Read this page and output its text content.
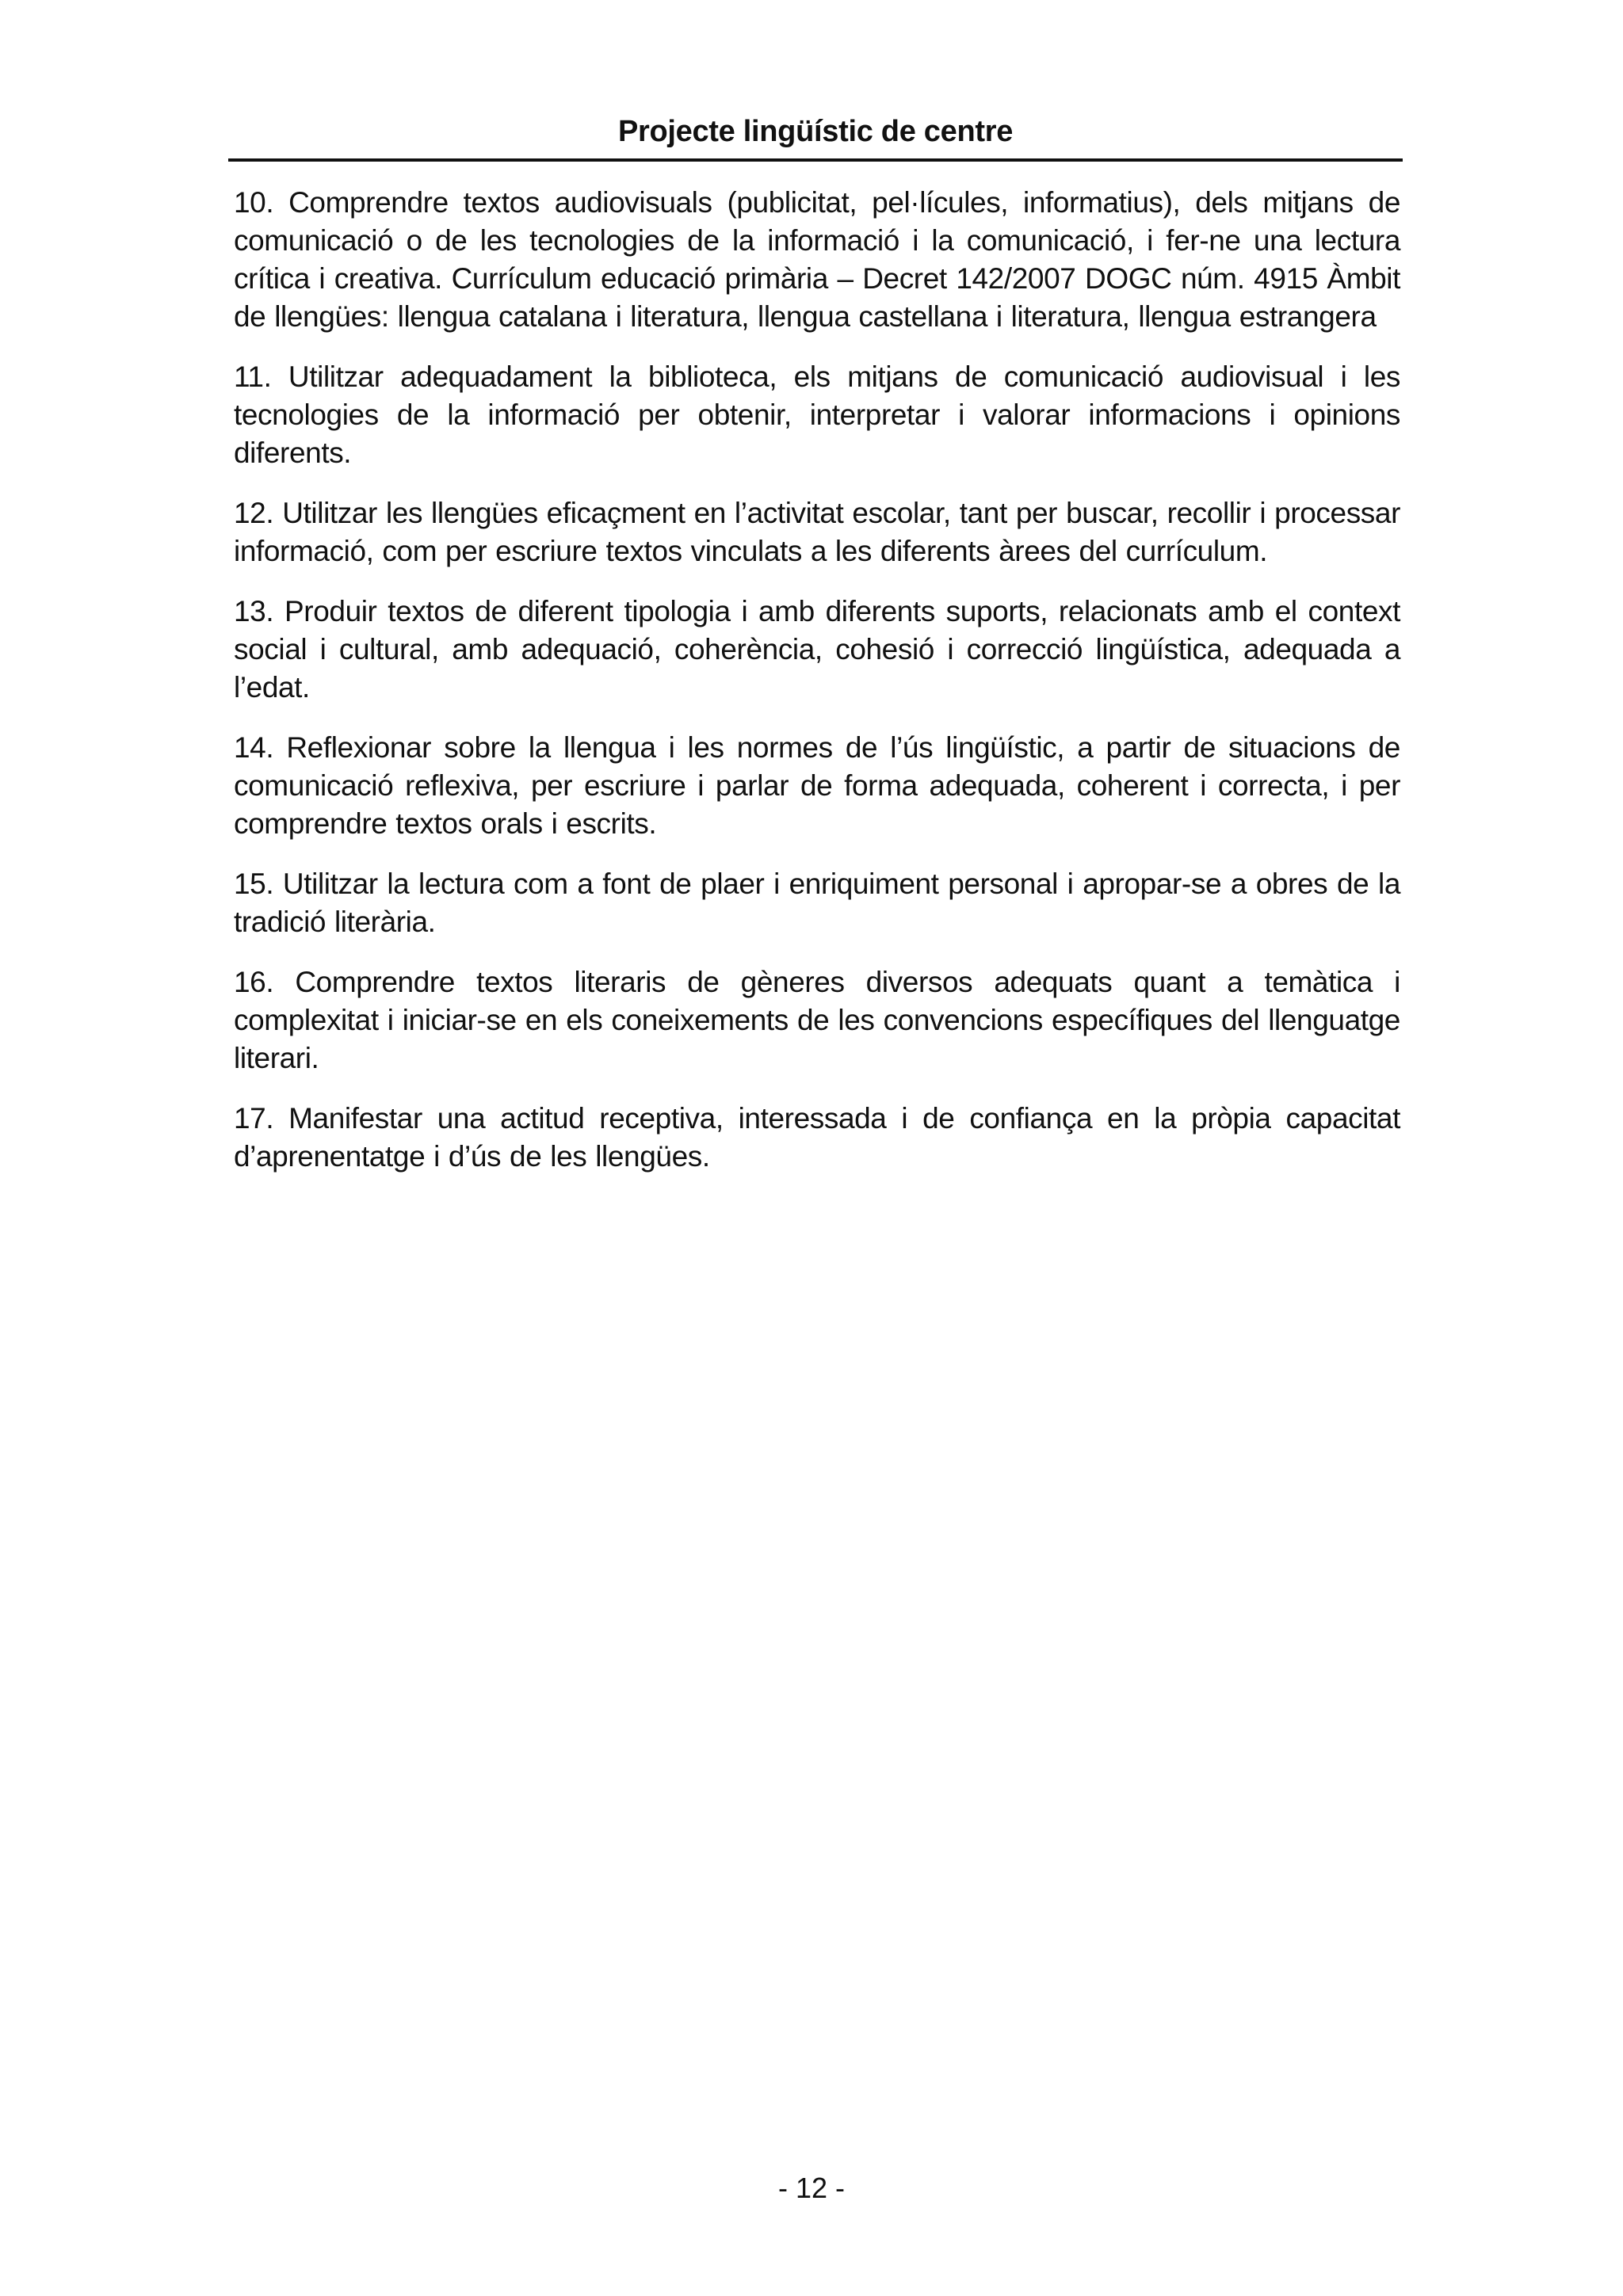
Projecte lingüístic de centre

10. Comprendre textos audiovisuals (publicitat, pel·lícules, informatius), dels mitjans de comunicació o de les tecnologies de la informació i la comunicació, i fer-ne una lectura crítica i creativa. Currículum educació primària – Decret 142/2007 DOGC núm. 4915 Àmbit de llengües: llengua catalana i literatura, llengua castellana i literatura, llengua estrangera

11. Utilitzar adequadament la biblioteca, els mitjans de comunicació audiovisual i les tecnologies de la informació per obtenir, interpretar i valorar informacions i opinions diferents.

12. Utilitzar les llengües eficaçment en l’activitat escolar, tant per buscar, recollir i processar informació, com per escriure textos vinculats a les diferents àrees del currículum.

13. Produir textos de diferent tipologia i amb diferents suports, relacionats amb el context social i cultural, amb adequació, coherència, cohesió i correcció lingüística, adequada a l’edat.

14. Reflexionar sobre la llengua i les normes de l’ús lingüístic, a partir de situacions de comunicació reflexiva, per escriure i parlar de forma adequada, coherent i correcta, i per comprendre textos orals i escrits.

15. Utilitzar la lectura com a font de plaer i enriquiment personal i apropar-se a obres de la tradició literària.

16. Comprendre textos literaris de gèneres diversos adequats quant a temàtica i complexitat i iniciar-se en els coneixements de les convencions específiques del llenguatge literari.

17. Manifestar una actitud receptiva, interessada i de confiança en la pròpia capacitat d’aprenentatge i d’ús de les llengües.

- 12 -
